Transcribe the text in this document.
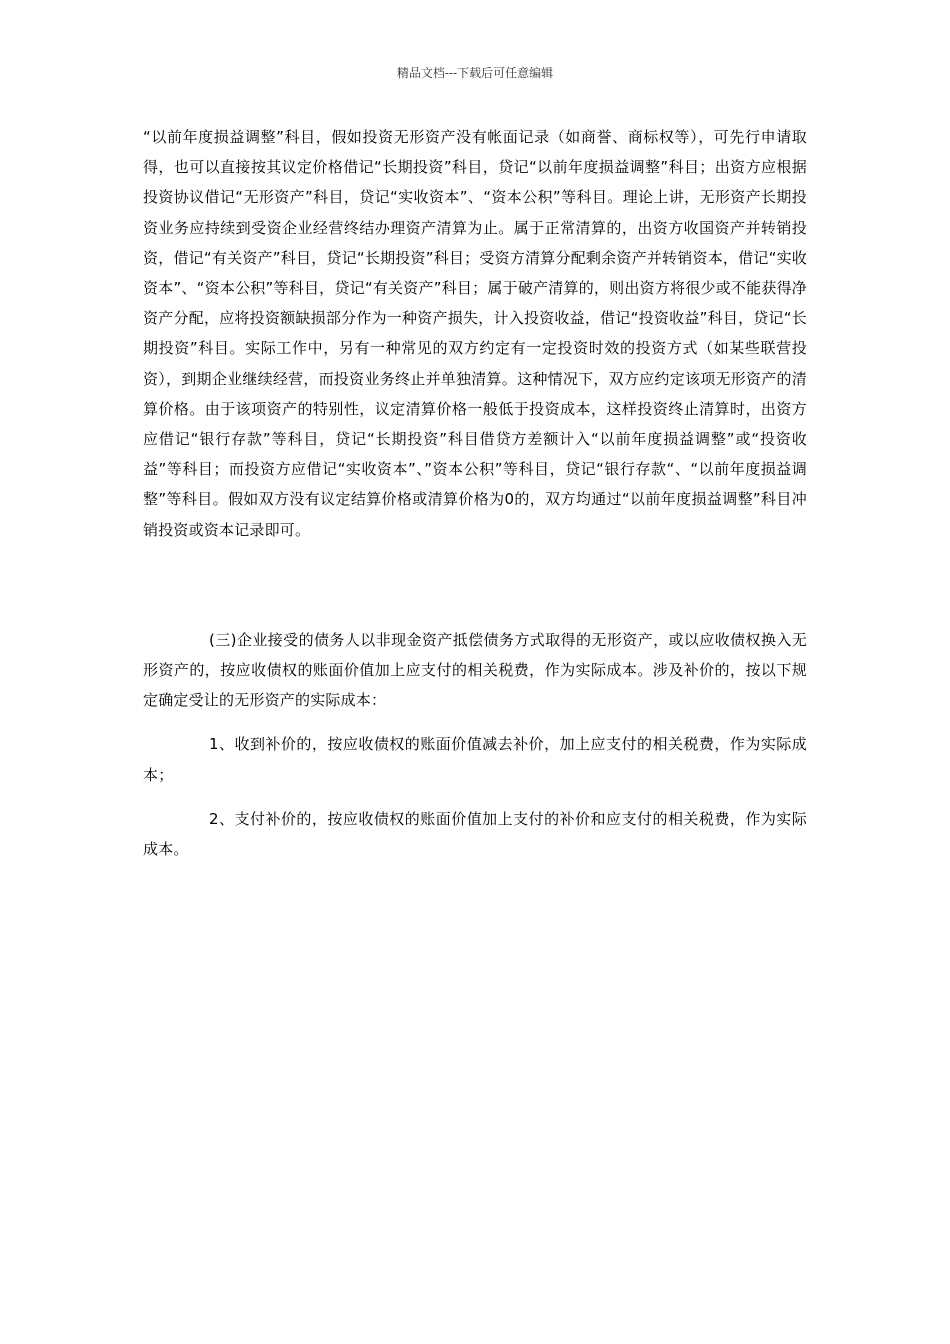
精品文档---下载后可任意编辑

“以前年度损益调整”科目，假如投资无形资产没有帐面记录（如商誉、商标权等），可先行申请取得，也可以直接按其议定价格借记“长期投资”科目，贷记“以前年度损益调整”科目；出资方应根据投资协议借记“无形资产”科目，贷记“实收资本”、“资本公积”等科目。理论上讲，无形资产长期投资业务应持续到受资企业经营终结办理资产清算为止。属于正常清算的，出资方收国资产并转销投资，借记“有关资产”科目，贷记“长期投资”科目；受资方清算分配剩余资产并转销资本，借记“实收资本”、“资本公积”等科目，贷记“有关资产”科目；属于破产清算的，则出资方将很少或不能获得净资产分配，应将投资额缺损部分作为一种资产损失，计入投资收益，借记“投资收益”科目，贷记“长期投资”科目。实际工作中，另有一种常见的双方约定有一定投资时效的投资方式（如某些联营投资），到期企业继续经营，而投资业务终止并单独清算。这种情况下，双方应约定该项无形资产的清算价格。由于该项资产的特别性，议定清算价格一般低于投资成本，这样投资终止清算时，出资方应借记“银行存款”等科目，贷记“长期投资”科目借贷方差额计入“以前年度损益调整”或“投资收益”等科目；而投资方应借记“实收资本”、”资本公积”等科目，贷记“银行存款“、“以前年度损益调整”等科目。假如双方没有议定结算价格或清算价格为0的，双方均通过“以前年度损益调整”科目冲销投资或资本记录即可。

(三)企业接受的债务人以非现金资产抵偿债务方式取得的无形资产，或以应收债权换入无形资产的，按应收债权的账面价值加上应支付的相关税费，作为实际成本。涉及补价的，按以下规定确定受让的无形资产的实际成本：

1、收到补价的，按应收债权的账面价值减去补价，加上应支付的相关税费，作为实际成本；

2、支付补价的，按应收债权的账面价值加上支付的补价和应支付的相关税费，作为实际成本。
